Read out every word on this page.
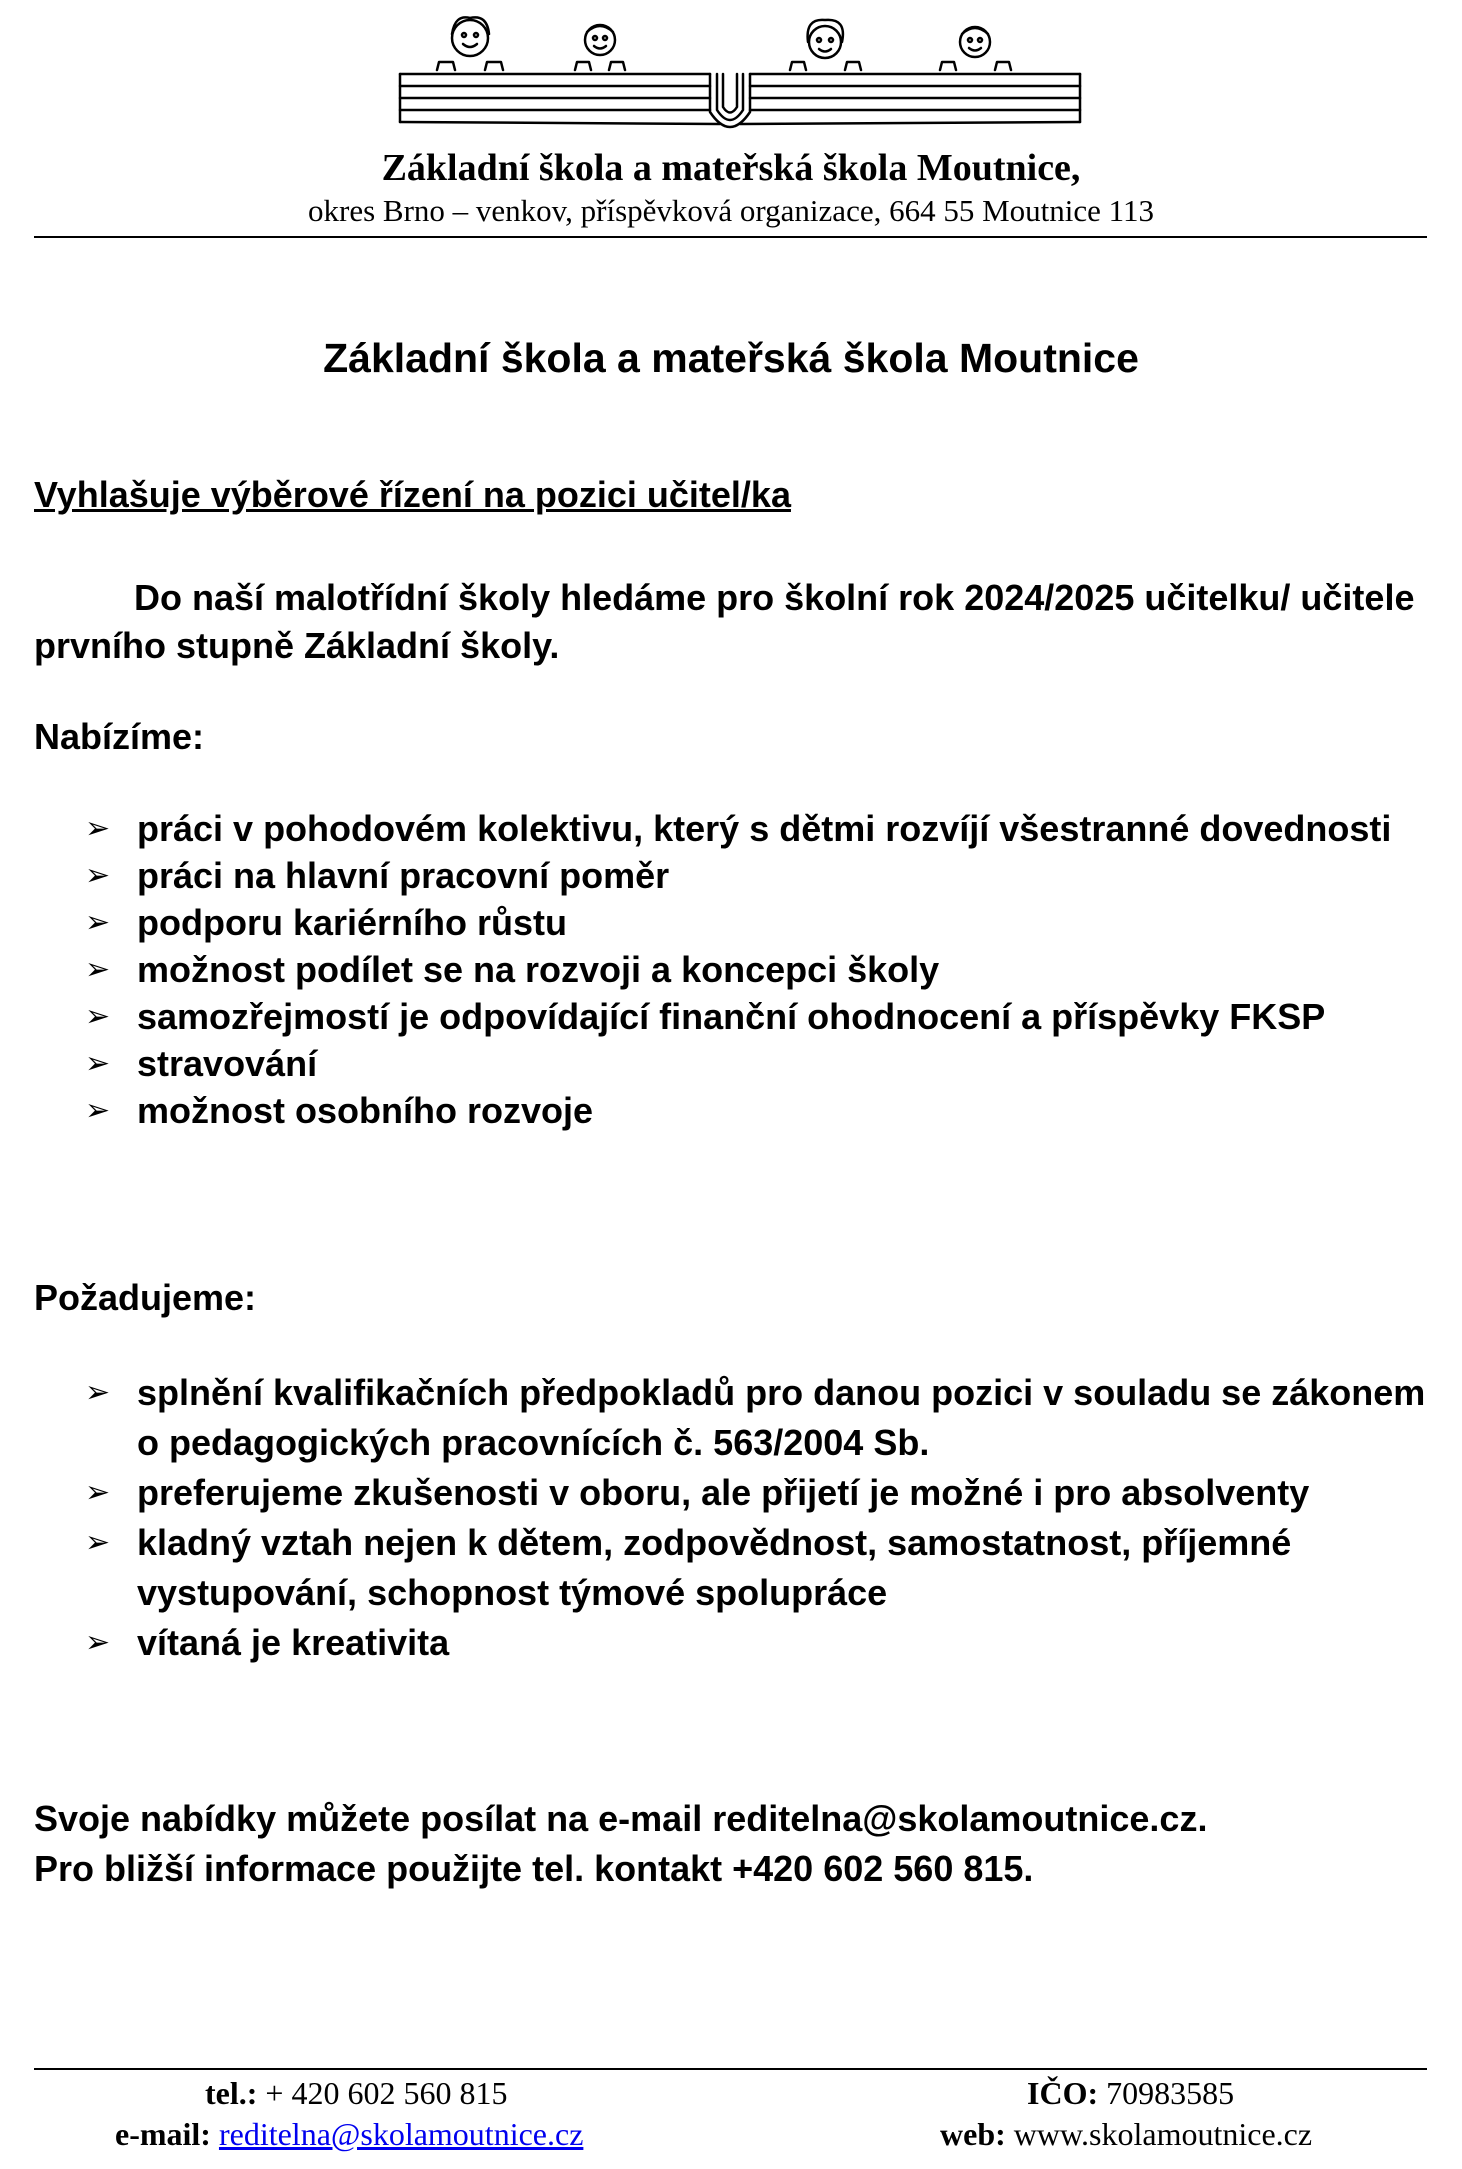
Základní škola a mateřská škola Moutnice,
okres Brno – venkov, příspěvková organizace, 664 55 Moutnice 113
Základní škola a mateřská škola Moutnice
Vyhlašuje výběrové řízení na pozici učitel/ka

Do naší malotřídní školy hledáme pro školní rok 2024/2025 učitelku/ učitele prvního stupně Základní školy.

Nabízíme:
➢ práci v pohodovém kolektivu, který s dětmi rozvíjí všestranné dovednosti
➢ práci na hlavní pracovní poměr
➢ podporu kariérního růstu
➢ možnost podílet se na rozvoji a koncepci školy
➢ samozřejmostí je odpovídající finanční ohodnocení a příspěvky FKSP
➢ stravování
➢ možnost osobního rozvoje
Požadujeme:
➢ splnění kvalifikačních předpokladů pro danou pozici v souladu se zákonem o pedagogických pracovnících č. 563/2004 Sb.
➢ preferujeme zkušenosti v oboru, ale přijetí je možné i pro absolventy
➢ kladný vztah nejen k dětem, zodpovědnost, samostatnost, příjemné vystupování, schopnost týmové spolupráce
➢ vítaná je kreativita

Svoje nabídky můžete posílat na e-mail reditelna@skolamoutnice.cz.
Pro bližší informace použijte tel. kontakt +420 602 560 815.

tel.: + 420 602 560 815
e-mail: reditelna@skolamoutnice.cz
IČO: 70983585
web: www.skolamoutnice.cz
